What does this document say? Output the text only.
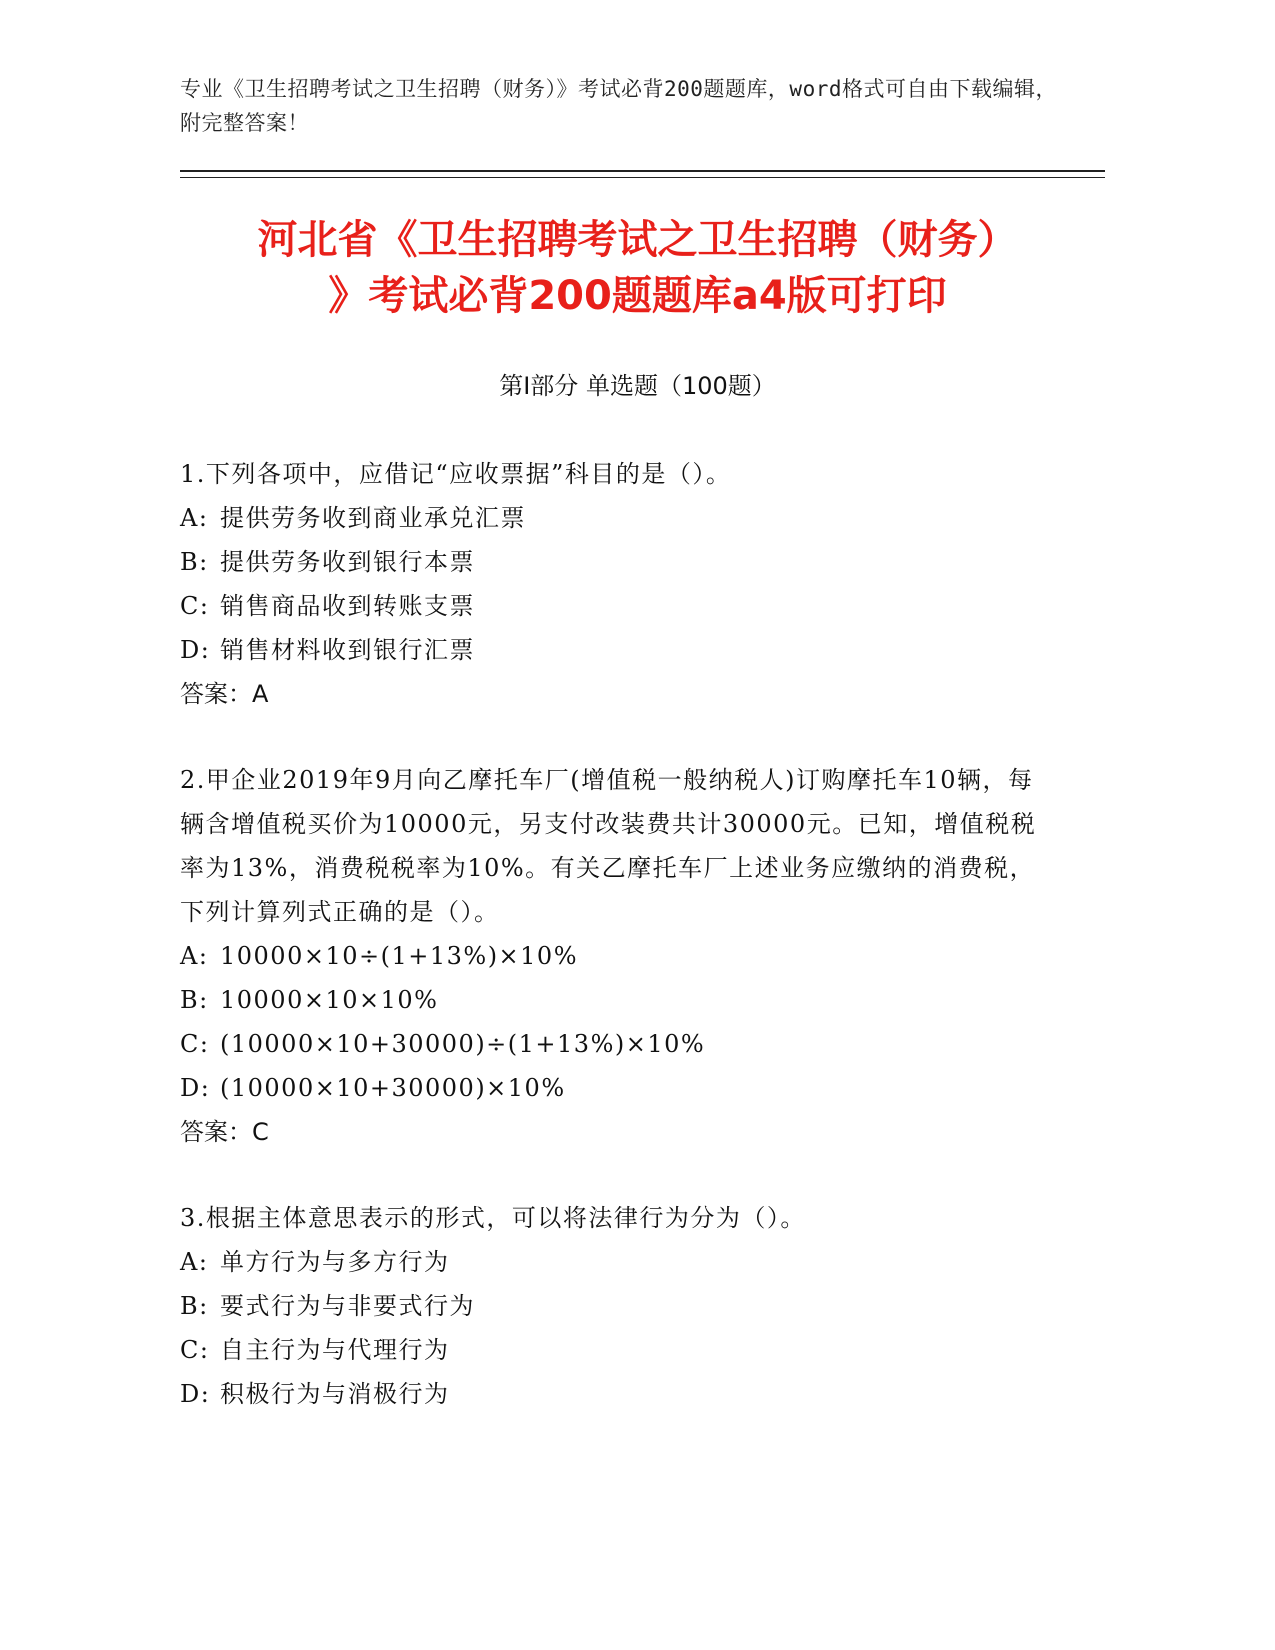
专业《卫生招聘考试之卫生招聘（财务）》考试必背200题题库，word格式可自由下载编辑，附完整答案！
河北省《卫生招聘考试之卫生招聘（财务）
》考试必背200题题库a4版可打印
第Ⅰ部分 单选题（100题）
1.下列各项中，应借记“应收票据”科目的是（）。
A: 提供劳务收到商业承兑汇票
B: 提供劳务收到银行本票
C: 销售商品收到转账支票
D: 销售材料收到银行汇票
答案：A
2.甲企业2019年9月向乙摩托车厂(增值税一般纳税人)订购摩托车10辆，每辆含增值税买价为10000元，另支付改装费共计30000元。已知，增值税税率为13%，消费税税率为10%。有关乙摩托车厂上述业务应缴纳的消费税，下列计算列式正确的是（）。
A: 10000×10÷(1+13%)×10%
B: 10000×10×10%
C: (10000×10+30000)÷(1+13%)×10%
D: (10000×10+30000)×10%
答案：C
3.根据主体意思表示的形式，可以将法律行为分为（）。
A: 单方行为与多方行为
B: 要式行为与非要式行为
C: 自主行为与代理行为
D: 积极行为与消极行为
